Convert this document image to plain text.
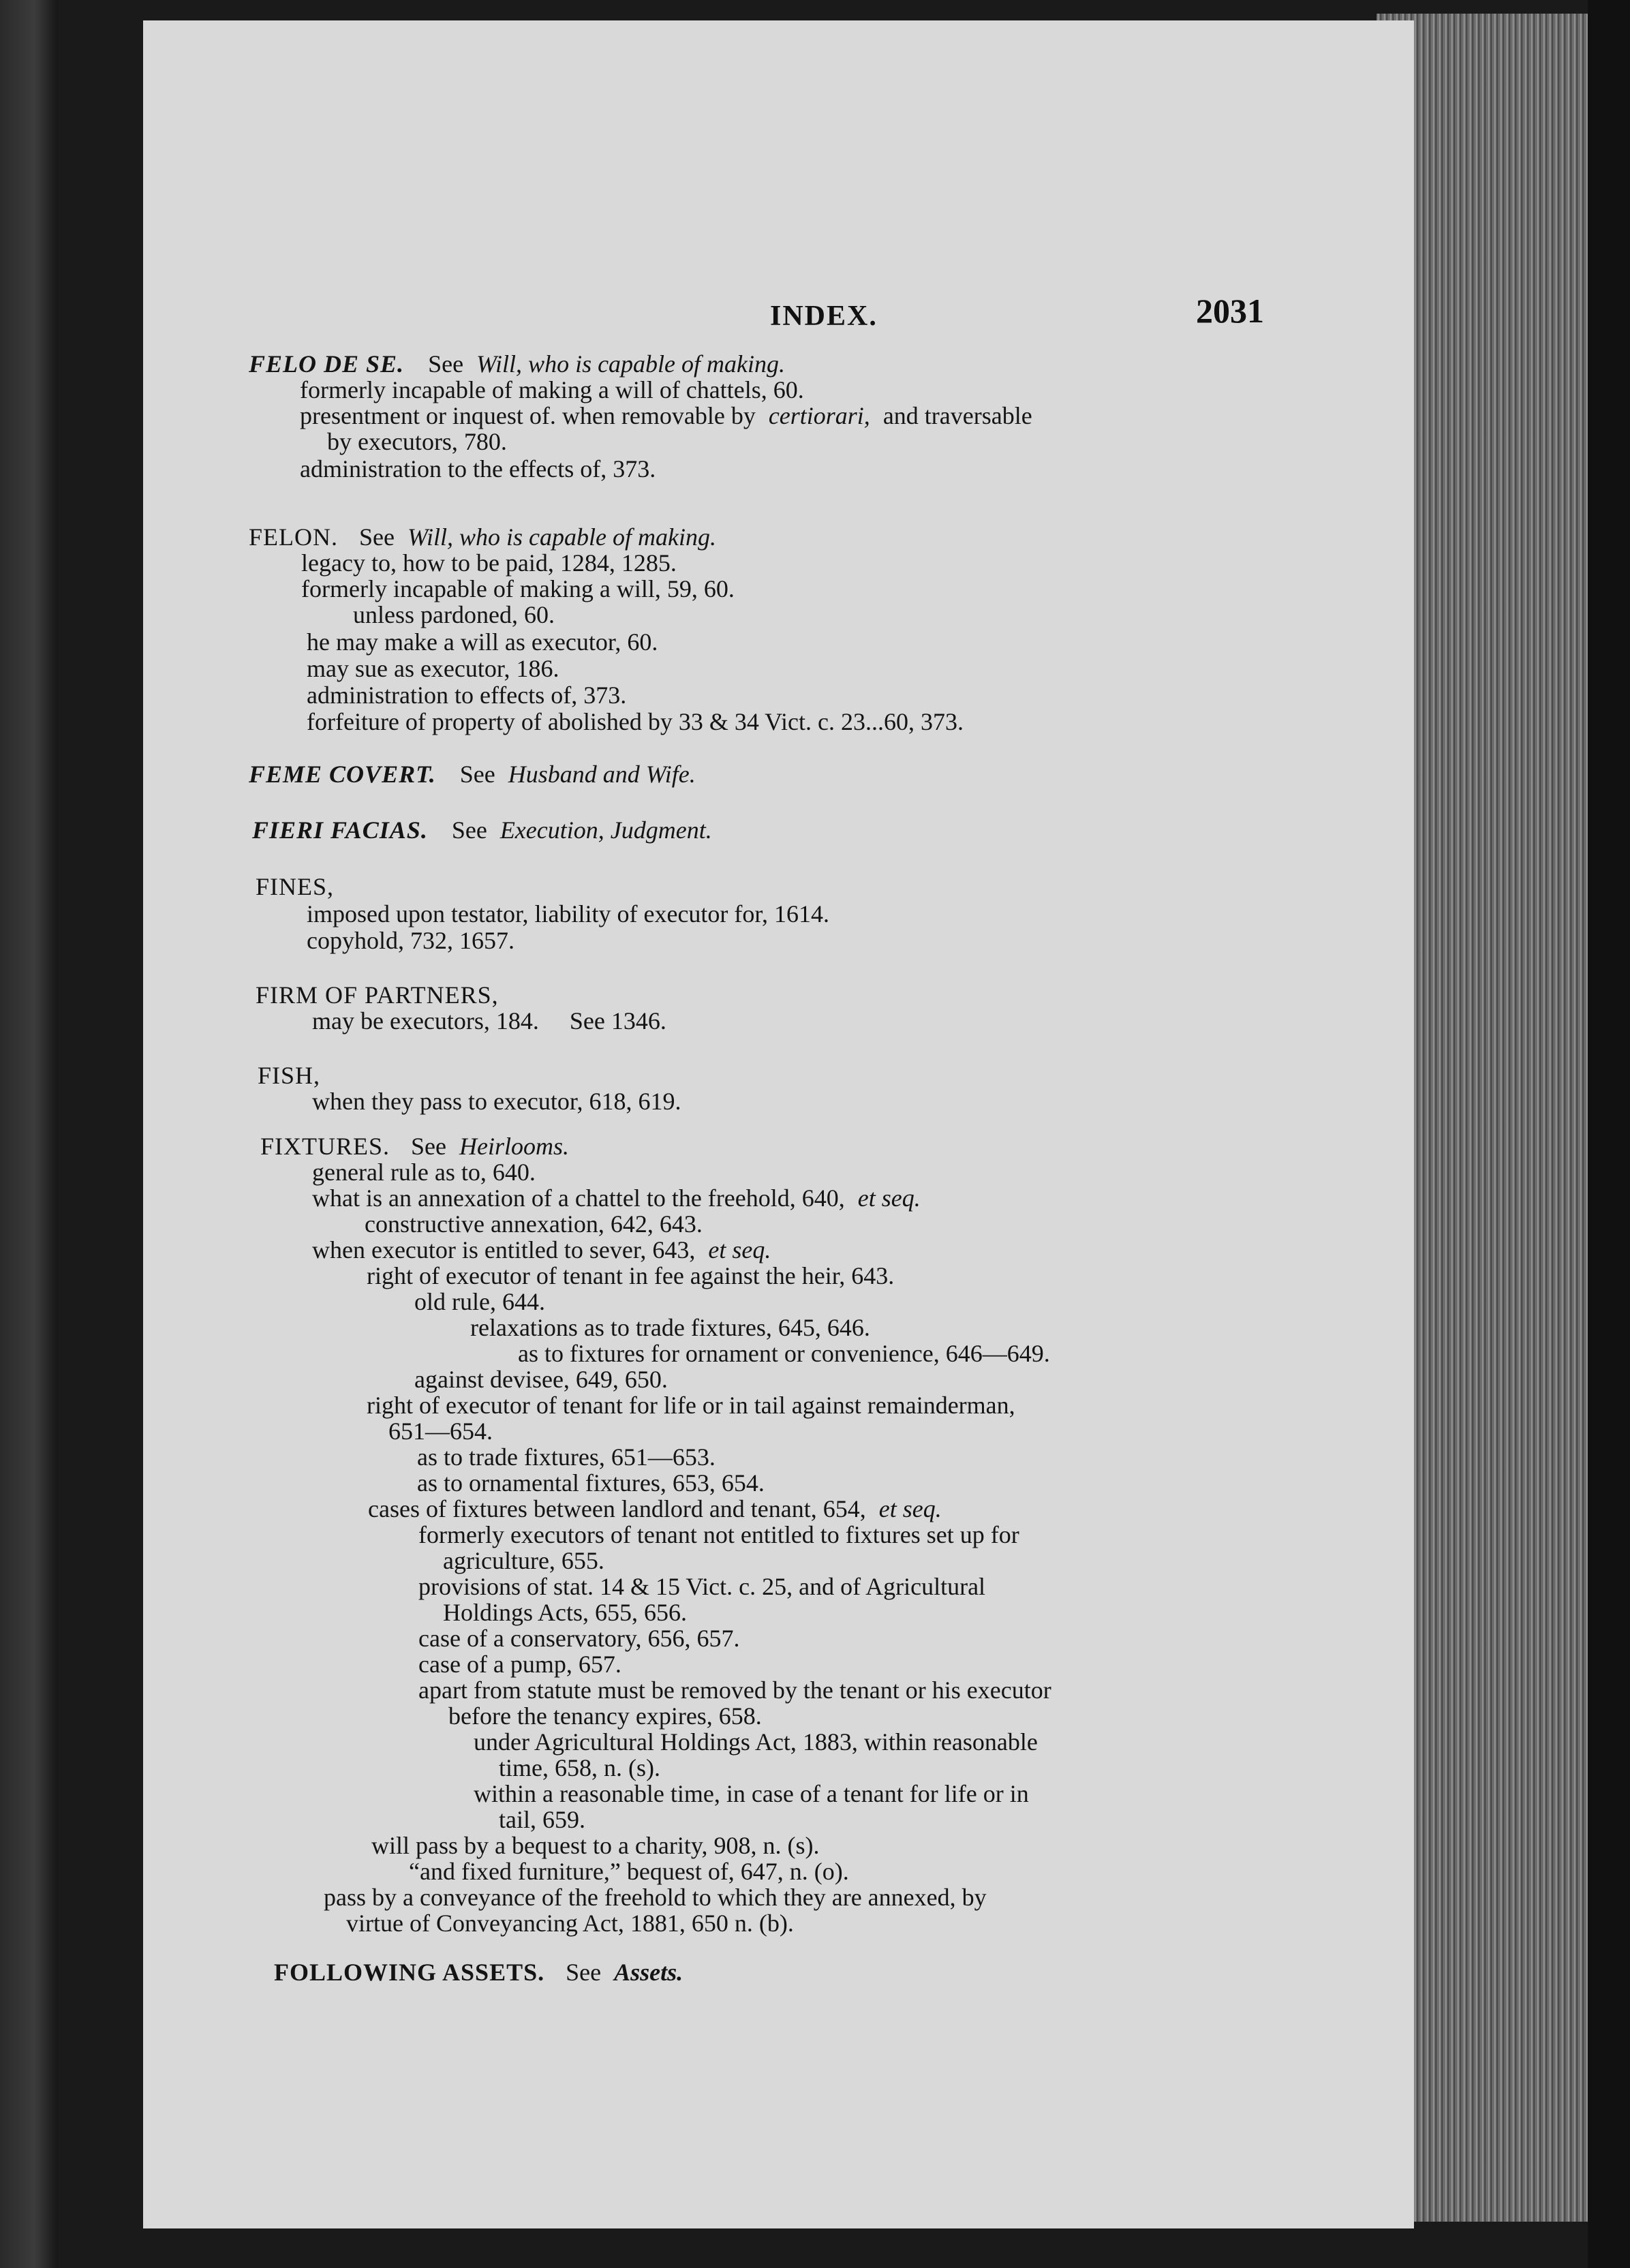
INDEX.	2031
FELO DE SE. See Will, who is capable of making.
formerly incapable of making a will of chattels, 60.
presentment or inquest of. when removable by certiorari, and traversable
by executors, 780.
administration to the effects of, 373.
FELON. See Will, who is capable of making.
legacy to, how to be paid, 1284, 1285.
formerly incapable of making a will, 59, 60.
unless pardoned, 60.
he may make a will as executor, 60.
may sue as executor, 186.
administration to effects of, 373.
forfeiture of property of abolished by 33 & 34 Vict. c. 23...60, 373.
FEME COVERT. See Husband and Wife.
FIERI FACIAS. See Execution, Judgment.
FINES,
imposed upon testator, liability of executor for, 1614.
copyhold, 732, 1657.
FIRM OF PARTNERS,
may be executors, 184. See 1346.
FISH,
when they pass to executor, 618, 619.
FIXTURES. See Heirlooms.
general rule as to, 640.
what is an annexation of a chattel to the freehold, 640, et seq.
constructive annexation, 642, 643.
when executor is entitled to sever, 643, et seq.
right of executor of tenant in fee against the heir, 643.
old rule, 644.
relaxations as to trade fixtures, 645, 646.
as to fixtures for ornament or convenience, 646—649.
against devisee, 649, 650.
right of executor of tenant for life or in tail against remainderman,
651—654.
as to trade fixtures, 651—653.
as to ornamental fixtures, 653, 654.
cases of fixtures between landlord and tenant, 654, et seq.
formerly executors of tenant not entitled to fixtures set up for
agriculture, 655.
provisions of stat. 14 & 15 Vict. c. 25, and of Agricultural
Holdings Acts, 655, 656.
case of a conservatory, 656, 657.
case of a pump, 657.
apart from statute must be removed by the tenant or his executor
before the tenancy expires, 658.
under Agricultural Holdings Act, 1883, within reasonable
time, 658, n. (s).
within a reasonable time, in case of a tenant for life or in
tail, 659.
will pass by a bequest to a charity, 908, n. (s).
“and fixed furniture,” bequest of, 647, n. (o).
pass by a conveyance of the freehold to which they are annexed, by
virtue of Conveyancing Act, 1881, 650 n. (b).
FOLLOWING ASSETS. See Assets.
